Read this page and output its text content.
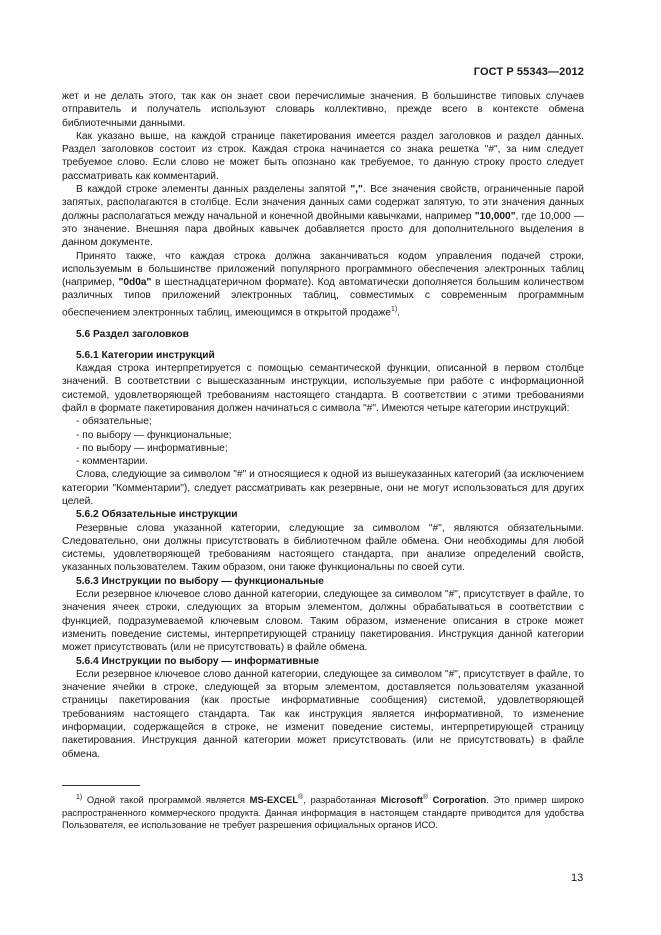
ГОСТ Р 55343—2012

жет и не делать этого, так как он знает свои перечислимые значения. В большинстве типовых случаев отправитель и получатель используют словарь коллективно, прежде всего в контексте обмена библиотечными данными.

Как указано выше, на каждой странице пакетирования имеется раздел заголовков и раздел данных. Раздел заголовков состоит из строк. Каждая строка начинается со знака решетка "#", за ним следует требуемое слово. Если слово не может быть опознано как требуемое, то данную строку просто следует рассматривать как комментарий.

В каждой строке элементы данных разделены запятой ",". Все значения свойств, ограниченные парой запятых, располагаются в столбце. Если значения данных сами содержат запятую, то эти значения данных должны располагаться между начальной и конечной двойными кавычками, например "10,000", где 10,000 — это значение. Внешняя пара двойных кавычек добавляется просто для дополнительного выделения в данном документе.

Принято также, что каждая строка должна заканчиваться кодом управления подачей строки, используемым в большинстве приложений популярного программного обеспечения электронных таблиц (например, "0d0a" в шестнадцатеричном формате). Код автоматически дополняется большим количеством различных типов приложений электронных таблиц, совместимых с современным программным обеспечением электронных таблиц, имеющимся в открытой продаже$^{1)}$.

5.6 Раздел заголовков

5.6.1 Категории инструкций

Каждая строка интерпретируется с помощью семантической функции, описанной в первом столбце значений. В соответствии с вышесказанным инструкции, используемые при работе с информационной системой, удовлетворяющей требованиям настоящего стандарта. В соответствии с этими требованиями файл в формате пакетирования должен начинаться с символа "#". Имеются четыре категории инструкций:

- обязательные;

- по выбору — функциональные;

- по выбору — информативные;

- комментарии.

Слова, следующие за символом "#" и относящиеся к одной из вышеуказанных категорий (за исключением категории "Комментарии"), следует рассматривать как резервные, они не могут использоваться для других целей.

5.6.2 Обязательные инструкции

Резервные слова указанной категории, следующие за символом "#", являются обязательными. Следовательно, они должны присутствовать в библиотечном файле обмена. Они необходимы для любой системы, удовлетворяющей требованиям настоящего стандарта, при анализе определений свойств, указанных пользователем. Таким образом, они также функциональны по своей сути.

5.6.3 Инструкции по выбору — функциональные

Если резервное ключевое слово данной категории, следующее за символом "#", присутствует в файле, то значения ячеек строки, следующих за вторым элементом, должны обрабатываться в соответствии с функцией, подразумеваемой ключевым словом. Таким образом, изменение описания в строке может изменить поведение системы, интерпретирующей страницу пакетирования. Инструкция данной категории может присутствовать (или не присутствовать) в файле обмена.

5.6.4 Инструкции по выбору — информативные

Если резервное ключевое слово данной категории, следующее за символом "#", присутствует в файле, то значение ячейки в строке, следующей за вторым элементом, доставляется пользователям указанной страницы пакетирования (как простые информативные сообщения) системой, удовлетворяющей требованиям настоящего стандарта. Так как инструкция является информативной, то изменение информации, содержащейся в строке, не изменит поведение системы, интерпретирующей страницу пакетирования. Инструкция данной категории может присутствовать (или не присутствовать) в файле обмена.

$^{1)}$ Одной такой программой является MS-EXCEL®, разработанная Microsoft® Corporation. Это пример широко распространенного коммерческого продукта. Данная информация в настоящем стандарте приводится для удобства Пользователя, ее использование не требует разрешения официальных органов ИСО.

13
